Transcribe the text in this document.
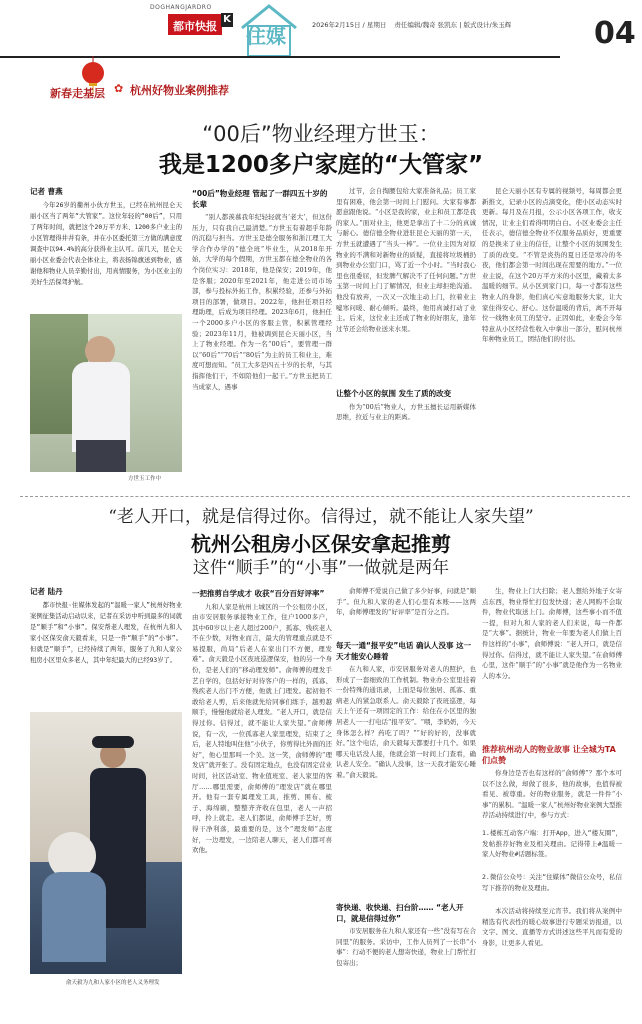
DOGHANGJARDRO
都市快报
K
住媒	2026年2月15日 / 星期日 责任编辑/魏奇 张凯东 | 版式设计/朱玉辉	04
新春走基层 ✿ 杭州好物业案例推荐
“00后”物业经理方世玉：
我是1200多户家庭的“大管家”
记者 曹燕

今年26岁的衢州小伙方世玉，已经在杭州昆仑天丽小区当了两年“大管家”。这位年轻的“00后”，只用了两年时间，就把这个20万平方米、1200多户业主的小区管理得井井有条，并在小区委托第三方做的满意度调查中以94.4%的高分获得业主认可。前几天，昆仑天丽小区业委会代表全体业主，将表扬锦旗送到物业，感谢他和物业人员辛勤付出，用真情服务，为小区业主的美好生活保驾护航。

方世玉工作中
“00后”物业经理 管起了一群四五十岁的长辈

“别人都羡慕我年纪轻轻就当‘老大’，但这份压力，只有我自己最清楚。”方世玉有着超乎年龄的沉稳与担当。方世玉是德全服务和浙江理工大学合作办学的“德全班”毕业生，从2018年开始，大学的每个假期，方世玉都在德全物业的各个岗位实习：2018年，他是保安；2019年，他是客服；2020年至2021年，他走进公司市场部，参与投标外拓工作，积累经验，还参与外拓项目的部署，做项目。2022年，他担任项目经理助理，后成为项目经理。2023年6月，他担任一个2000多户小区的客服主管，积累管理经验；2023年11月，他被调到昆仑天丽小区，当上了物业经理。作为一名“00后”，要管理一群以“60后”“70后”“80后”为主的员工和业主，难度可想而知。“员工大多是四五十岁的长辈，与其指挥他们干，不如陪他们一起干。”方世玉把员工当成家人，遇事

过节，会自掏腰包给大家准备礼品；员工家里有困难，他会第一时间上门慰问。大家有事都愿意跟他说。“小区是我的家，业主和员工都是我的家人。”面对业主，他更是拿出了十二分的真诚与耐心。德信德全物业进驻昆仑天丽的第一天，方世玉就遭遇了“当头一棒”。一位业主因为对原物业的不满和对新物业的质疑，直接将垃圾桶扔到物业办公室门口，骂了近一个小时。“当时我心里也很委屈，但发脾气解决不了任何问题。”方世玉第一时间上门了解情况，但业主却拒绝沟通。他没有放弃，一次又一次地主动上门，拉着业主嘘寒问暖、耐心倾听。最终，他用真诚打动了业主。后来，这位业主还成了物业的好朋友，逢年过节还会给物业送来水果。

让整个小区的氛围 发生了质的改变

作为“00后”物业人，方世玉擅长运用新媒体思维，拉近与业主的距离。

昆仑天丽小区有专属的视频号，每周都会更新推文，记录小区的点滴变化，使小区动态实时更新。每月及在月报，公示小区各项工作，收支情况，让业主们看得明明白白。小区业委会主任任表示，德信德全物业不仅服务品质好，更重要的是换来了业主的信任，让整个小区的氛围发生了质的改变。“不管是炎热的夏日还是寒冷的冬夜，他们都会第一时间出现在需要的地方。”一位业主说，在这个20万平方米的小区里，藏着太多温暖的细节。从小区到家门口，每一寸都有这些物业人的身影，他们真心实意地服务大家，让大家住得安心、舒心。这份温暖的背后，离不开每位一线物业员工的坚守。正因如此，业委会今年特意从小区经营性收入中拿出一部分，慰问杭州年种物业员工，团结他们的付出。

“老人开口，就是信得过你。信得过，就不能让人家失望”
杭州公租房小区保安拿起推剪
这件“顺手”的“小事”一做就是两年
记者 陆丹

都市快报·住媒体发起的“温暖一家人”杭州好物业案例征集活动启动以来，记者在采访中听到最多的词就是“顺手”和“小事”。保安帮老人理发，在杭州九和人家小区保安俞天毅看来，只是一件“顺手”的“小事”。但就是“顺手”，已经持续了两年，服务了九和人家公租房小区里众多老人，其中年纪最大的已经93岁了。

俞天毅为九和人家小区的老人义务理发
一把推剪自学成才 收获“百分百好评率”

九和人家是杭州上城区的一个公租房小区，由市安居服务承接物业工作，住户1000多户，其中60岁以上老人超过200户，孤寡、残疾老人不在少数，对物业而言，最大的管理重点就是不易提服，尚局“后老人在家出门不方便，理发难”。俞天毅是小区夜班巡逻保安，他的另一个身份，是老人们的“移动理发师”。俞师傅的理发手艺自学的，包括好好对待客户的一样的，孤寡、残疾老人出门不方便，他就上门理发。起初他不敢给老人剪，后来他就先给同事们练手，越剪越顺手，慢慢他就给老人理发。“老人开口，就是信得过你。信得过，就不能让人家失望。”俞师傅说，有一次，一位孤寡老人家里理发，结束了之后，老人特地叫住他“小伙子，你剪得比外面的还好”，他心里那叫一个美。这一笑，俞师傅的“理发店”就开张了。没有固定地点，也没有固定营业时间，社区活动室、物业值班室、老人家里的客厅……哪里需要，俞师傅的“理发店”就在哪里开。他有一套专属理发工具，推剪、围布、梳子、海绵刷，整整齐齐收在包里，老人一声招呼，拎上就走。老人们都说，俞师傅手艺好，剪得干净利落，最重要的是，这个“理发师”态度好，一边理发，一边陪老人聊天，老人们都可喜欢他。

俞师傅不爱说自己做了多少好事，问就是“顺手”。但九和人家的老人们心里有本账——这两年，俞师傅理发的“好评率”是百分之百。

每天一通“报平安”电话 确认人没事 这一天才能安心睡着

在九和人家，市安居服务对老人的照护，也形成了一套细致的工作机制。物业办公室里挂着一份特殊的通讯录，上面是每位独居、孤寡、重病老人的紧急联系人。俞天毅除了夜班巡逻，每天上午还有一项固定的工作：给住在小区里的独居老人一一打电话“报平安”。“喂，李奶奶，今天身体怎么样？药吃了吗？”“好的好的，没事就好。”这个电话，俞天毅每天都要打十几个。如果哪天电话没人接，他就会第一时间上门查看，确认老人安全。“确认人没事，这一天我才能安心睡着。”俞天毅说。

寄快递、收快递、扫台阶…… “老人开口，就是信得过你”

市安居服务在九和人家还有一些“没有写在合同里”的服务。采访中，工作人员列了一长串“小事”：行动不便的老人想寄快递，物业上门帮忙打包寄出；

生，物业上门大扫除；老人想给外地子女寄点东西，物业帮忙打包发快递；老人网购不会取件，物业代取送上门。俞师傅，这些事小而不值一提，但对九和人家的老人们来说，每一件都是“大事”。据统计，物业一年要为老人们做上百件这样的“小事”，俞师傅说：“老人开口，就是信得过你。信得过，就不能让人家失望。”在俞师傅心里，这件“顺手”的“小事”就是他作为一名物业人的本分。

推荐杭州动人的物业故事 让全城为TA们点赞

你身边是否也有这样的“俞师傅”？那个本可以不这么做，却做了很多，他的故事，也值得被看见、被尊重。好的物业服务，就是一件件“小事”的累积。“温暖一家人”杭州好物业案例大型推荐活动持续进行中，参与方式：

1.楼栋互动客户端：打开App，进入“楼友圈”，发帖推荐好物业及相关理由。记得带上#温暖一家人好物业#话题标签。

2.微信公众号：关注“住媒体”微信公众号，私信写下推荐的物业及理由。

本次活动将持续至元宵节。我们将从案例中精选有代表性的暖心故事进行专题采访报道，以文字、图文、直播等方式讲述这些平凡而有爱的身影，让更多人看见。
